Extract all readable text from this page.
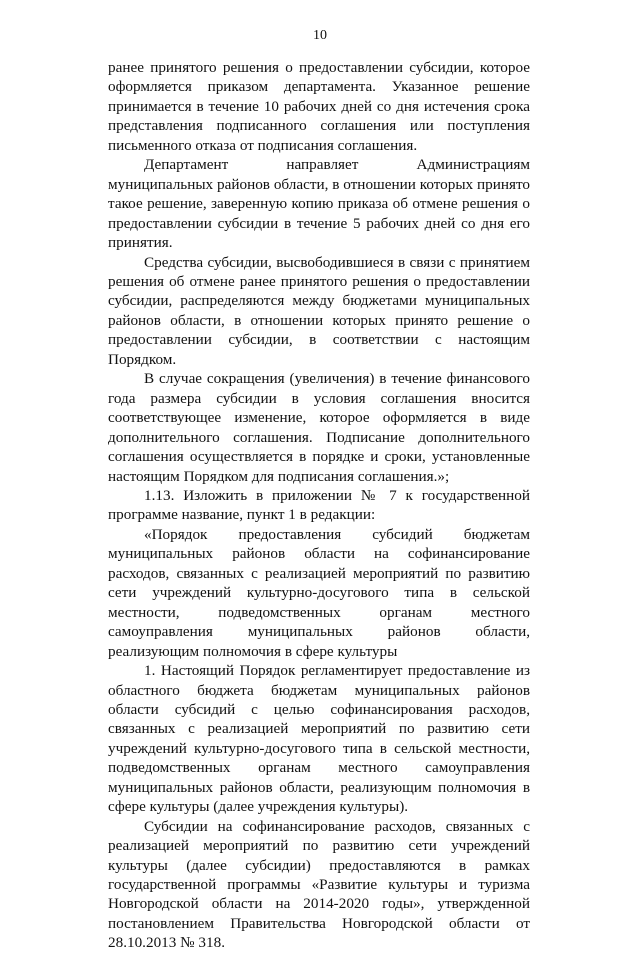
10

ранее принятого решения о предоставлении субсидии, которое оформляется приказом департамента. Указанное решение принимается в течение 10 рабочих дней со дня истечения срока представления подписанного соглашения или поступления письменного отказа от подписания соглашения.

Департамент направляет Администрациям муниципальных районов области, в отношении которых принято такое решение, заверенную копию приказа об отмене решения о предоставлении субсидии в течение 5 рабочих дней со дня его принятия.

Средства субсидии, высвободившиеся в связи с принятием решения об отмене ранее принятого решения о предоставлении субсидии, распределяются между бюджетами муниципальных районов области, в отношении которых принято решение о предоставлении субсидии, в соответствии с настоящим Порядком.

В случае сокращения (увеличения) в течение финансового года размера субсидии в условия соглашения вносится соответствующее изменение, которое оформляется в виде дополнительного соглашения. Подписание дополнительного соглашения осуществляется в порядке и сроки, установленные настоящим Порядком для подписания соглашения.»;

1.13. Изложить в приложении № 7 к государственной программе название, пункт 1 в редакции:

«Порядок предоставления субсидий бюджетам муниципальных районов области на софинансирование расходов, связанных с реализацией мероприятий по развитию сети учреждений культурно-досугового типа в сельской местности, подведомственных органам местного самоуправления муниципальных районов области, реализующим полномочия в сфере культуры

1. Настоящий Порядок регламентирует предоставление из областного бюджета бюджетам муниципальных районов области субсидий с целью софинансирования расходов, связанных с реализацией мероприятий по развитию сети учреждений культурно-досугового типа в сельской местности, подведомственных органам местного самоуправления муниципальных районов области, реализующим полномочия в сфере культуры (далее учреждения культуры).

Субсидии на софинансирование расходов, связанных с реализацией мероприятий по развитию сети учреждений культуры (далее субсидии) предоставляются в рамках государственной программы «Развитие культуры и туризма Новгородской области на 2014-2020 годы», утвержденной постановлением Правительства Новгородской области от 28.10.2013 № 318.
